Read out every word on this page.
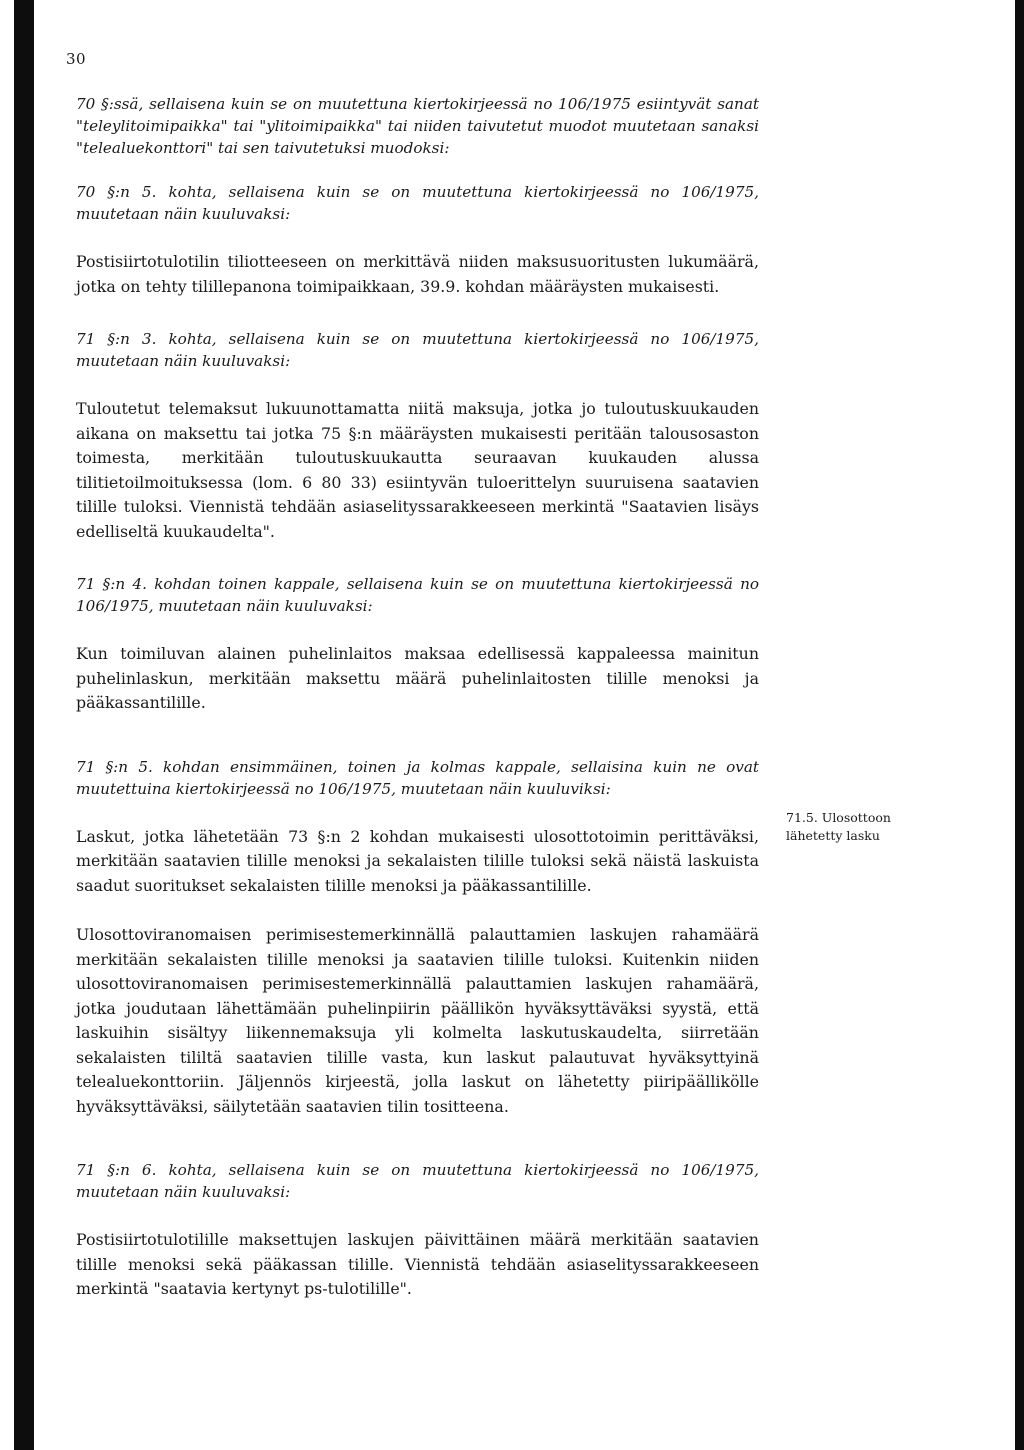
30

70 §:ssä, sellaisena kuin se on muutettuna kiertokirjeessä no 106/1975 esiintyvät sanat "teleylitoimipaikka" tai "ylitoimipaikka" tai niiden taivutetut muodot muutetaan sanaksi "telealuekonttori" tai sen taivutetuksi muodoksi:

70 §:n 5. kohta, sellaisena kuin se on muutettuna kiertokirjeessä no 106/1975, muutetaan näin kuuluvaksi:

Postisiirtotulotilin tiliotteeseen on merkittävä niiden maksusuoritusten lukumäärä, jotka on tehty tilillepanona toimipaikkaan, 39.9. kohdan määräysten mukaisesti.

71 §:n 3. kohta, sellaisena kuin se on muutettuna kiertokirjeessä no 106/1975, muutetaan näin kuuluvaksi:

Tuloutetut telemaksut lukuunottamatta niitä maksuja, jotka jo tuloutuskuukauden aikana on maksettu tai jotka 75 §:n määräysten mukaisesti peritään talousosaston toimesta, merkitään tuloutuskuukautta seuraavan kuukauden alussa tilitietoilmoituksessa (lom. 6 80 33) esiintyvän tuloerittelyn suuruisena saatavien tilille tuloksi. Viennistä tehdään asiaselityssarakkeeseen merkintä "Saatavien lisäys edelliseltä kuukaudelta".

71 §:n 4. kohdan toinen kappale, sellaisena kuin se on muutettuna kiertokirjeessä no 106/1975, muutetaan näin kuuluvaksi:

Kun toimiluvan alainen puhelinlaitos maksaa edellisessä kappaleessa mainitun puhelinlaskun, merkitään maksettu määrä puhelinlaitosten tilille menoksi ja pääkassantilille.

71 §:n 5. kohdan ensimmäinen, toinen ja kolmas kappale, sellaisina kuin ne ovat muutettuina kiertokirjeessä no 106/1975, muutetaan näin kuuluviksi:

Laskut, jotka lähetetään 73 §:n 2 kohdan mukaisesti ulosottotoimin perittäväksi, merkitään saatavien tilille menoksi ja sekalaisten tilille tuloksi sekä näistä laskuista saadut suoritukset sekalaisten tilille menoksi ja pääkassantilille.

Ulosottoviranomaisen perimisestemerkinnällä palauttamien laskujen rahamäärä merkitään sekalaisten tilille menoksi ja saatavien tilille tuloksi. Kuitenkin niiden ulosottoviranomaisen perimisestemerkinnällä palauttamien laskujen rahamäärä, jotka joudutaan lähettämään puhelinpiirin päällikön hyväksyttäväksi syystä, että laskuihin sisältyy liikennemaksuja yli kolmelta laskutuskaudelta, siirretään sekalaisten tililtä saatavien tilille vasta, kun laskut palautuvat hyväksyttyinä telealuekonttoriin. Jäljennös kirjeestä, jolla laskut on lähetetty piiripäällikölle hyväksyttäväksi, säilytetään saatavien tilin tositteena.

71 §:n 6. kohta, sellaisena kuin se on muutettuna kiertokirjeessä no 106/1975, muutetaan näin kuuluvaksi:

Postisiirtotulotilille maksettujen laskujen päivittäinen määrä merkitään saatavien tilille menoksi sekä pääkassan tilille. Viennistä tehdään asiaselityssarakkeeseen merkintä "saatavia kertynyt ps-tulotilille".

71.5. Ulosottoon
lähetetty lasku
